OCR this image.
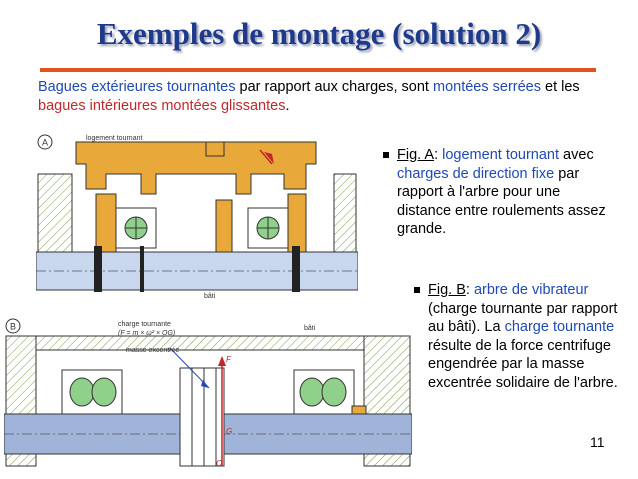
Exemples de montage (solution 2)
Bagues extérieures tournantes par rapport aux charges, sont montées serrées et les bagues intérieures montées glissantes.
A	logement tournant
bâti
B	charge tournante
(F = m × ω² × OG)
masse excentrée
bâti
F
G
O
Fig. A: logement tournant avec charges de direction fixe par rapport à l'arbre pour une distance entre roulements assez grande.
Fig. B: arbre de vibrateur (charge tournante par rapport au bâti). La charge tournante résulte de la force centrifuge engendrée par la masse excentrée solidaire de l'arbre.
11
